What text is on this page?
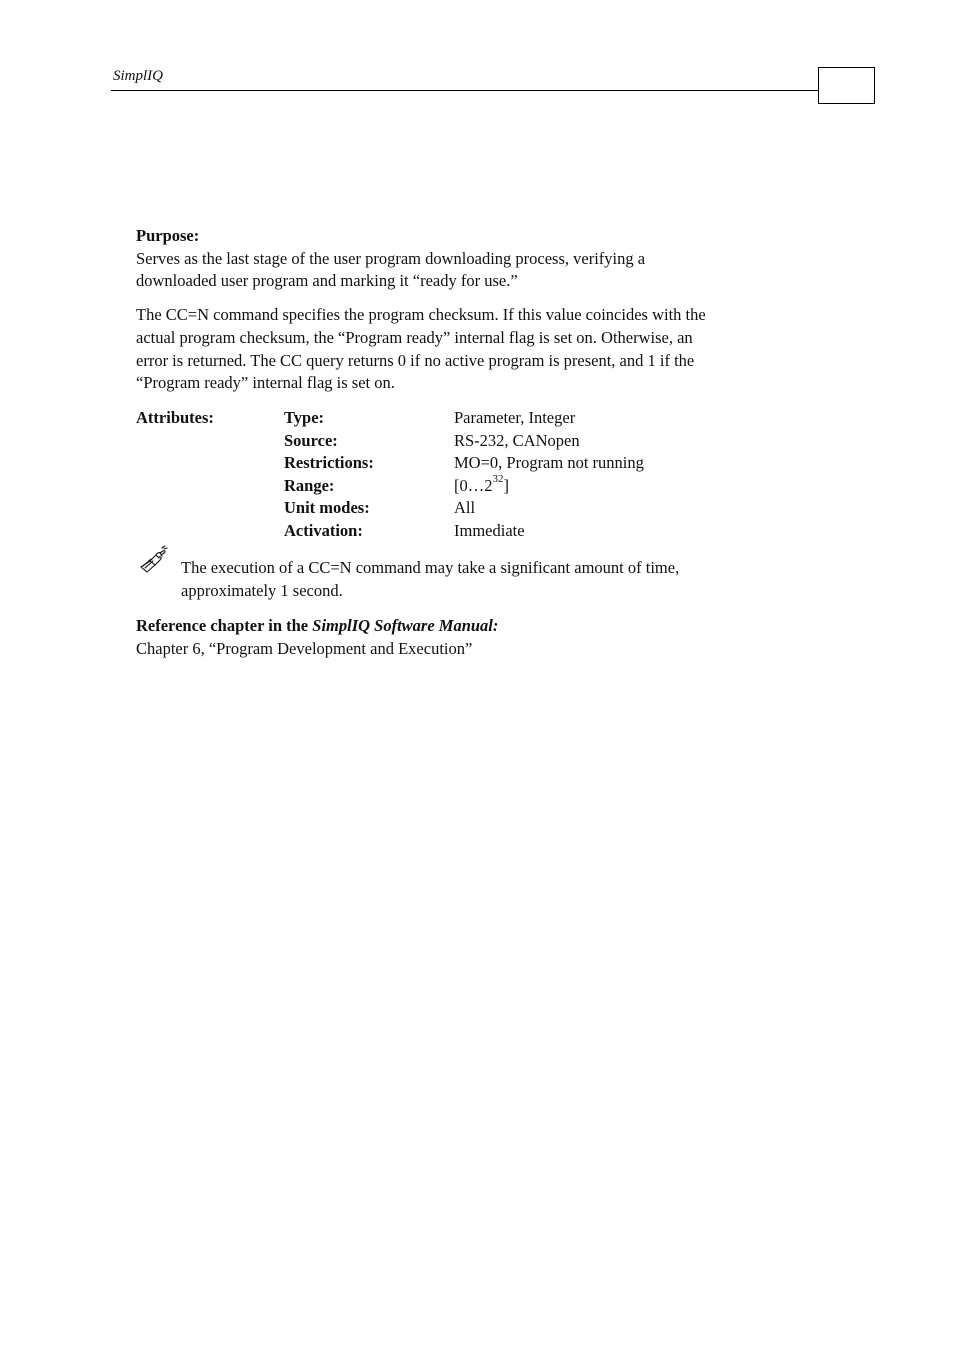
SimplIQ

Purpose:

Serves as the last stage of the user program downloading process, verifying a

downloaded user program and marking it “ready for use.”

The CC=N command specifies the program checksum. If this value coincides with the

actual program checksum, the “Program ready” internal flag is set on. Otherwise, an

error is returned. The CC query returns 0 if no active program is present, and 1 if the

“Program ready” internal flag is set on.

Attributes:	Type:	Parameter, Integer
Source:	RS-232, CANopen
Restrictions:	MO=0, Program not running
Range:	$[0\dots 2^{32}]$
Unit modes:	All
Activation:	Immediate

The execution of a CC=N command may take a significant amount of time,

approximately 1 second.

Reference chapter in the SimplIQ Software Manual:

Chapter 6, “Program Development and Execution”
